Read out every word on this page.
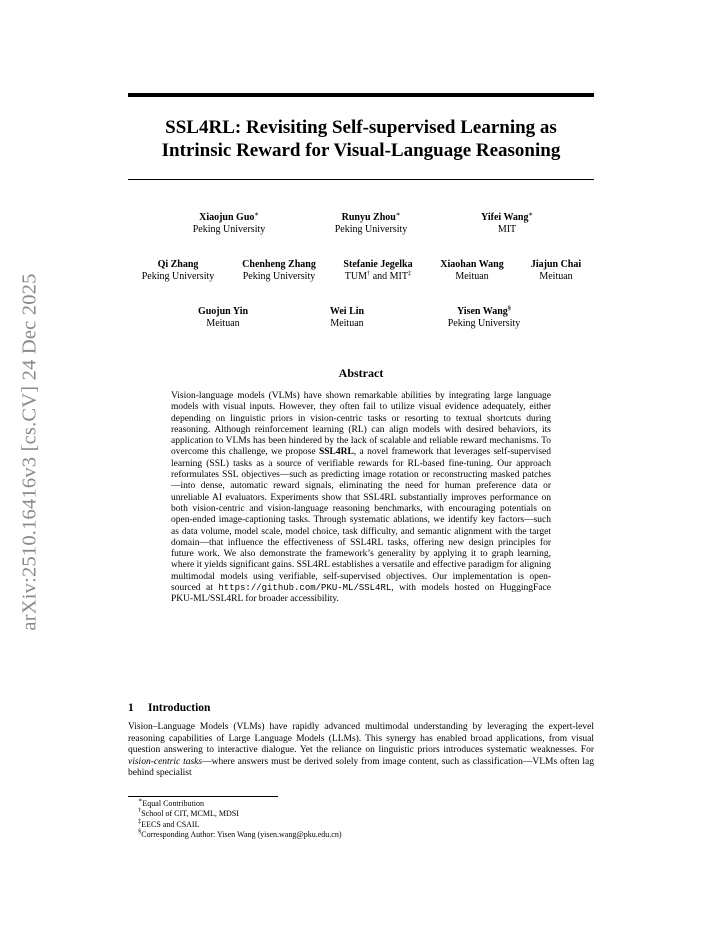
arXiv:2510.16416v3 [cs.CV] 24 Dec 2025
SSL4RL: Revisiting Self-supervised Learning as
Intrinsic Reward for Visual-Language Reasoning
Xiaojun Guo∗
Peking University
Runyu Zhou∗
Peking University
Yifei Wang∗
MIT
Qi Zhang
Peking University
Chenheng Zhang
Peking University
Stefanie Jegelka
TUM† and MIT‡
Xiaohan Wang
Meituan
Jiajun Chai
Meituan
Guojun Yin
Meituan
Wei Lin
Meituan
Yisen Wang§
Peking University
Abstract

Vision-language models (VLMs) have shown remarkable abilities by integrating large language models with visual inputs. However, they often fail to utilize visual evidence adequately, either depending on linguistic priors in vision-centric tasks or resorting to textual shortcuts during reasoning. Although reinforcement learning (RL) can align models with desired behaviors, its application to VLMs has been hindered by the lack of scalable and reliable reward mechanisms. To overcome this challenge, we propose SSL4RL, a novel framework that leverages self-supervised learning (SSL) tasks as a source of verifiable rewards for RL-based fine-tuning. Our approach reformulates SSL objectives—such as predicting image rotation or reconstructing masked patches—into dense, automatic reward signals, eliminating the need for human preference data or unreliable AI evaluators. Experiments show that SSL4RL substantially improves performance on both vision-centric and vision-language reasoning benchmarks, with encouraging potentials on open-ended image-captioning tasks. Through systematic ablations, we identify key factors—such as data volume, model scale, model choice, task difficulty, and semantic alignment with the target domain—that influence the effectiveness of SSL4RL tasks, offering new design principles for future work. We also demonstrate the framework’s generality by applying it to graph learning, where it yields significant gains. SSL4RL establishes a versatile and effective paradigm for aligning multimodal models using verifiable, self-supervised objectives. Our implementation is open-sourced at https://github.com/PKU-ML/SSL4RL, with models hosted on HuggingFace PKU-ML/SSL4RL for broader accessibility.

1 Introduction

Vision–Language Models (VLMs) have rapidly advanced multimodal understanding by leveraging the expert-level reasoning capabilities of Large Language Models (LLMs). This synergy has enabled broad applications, from visual question answering to interactive dialogue. Yet the reliance on linguistic priors introduces systematic weaknesses. For vision-centric tasks—where answers must be derived solely from image content, such as classification—VLMs often lag behind specialist

∗Equal Contribution
†School of CIT, MCML, MDSI
‡EECS and CSAIL
§Corresponding Author: Yisen Wang (yisen.wang@pku.edu.cn)
